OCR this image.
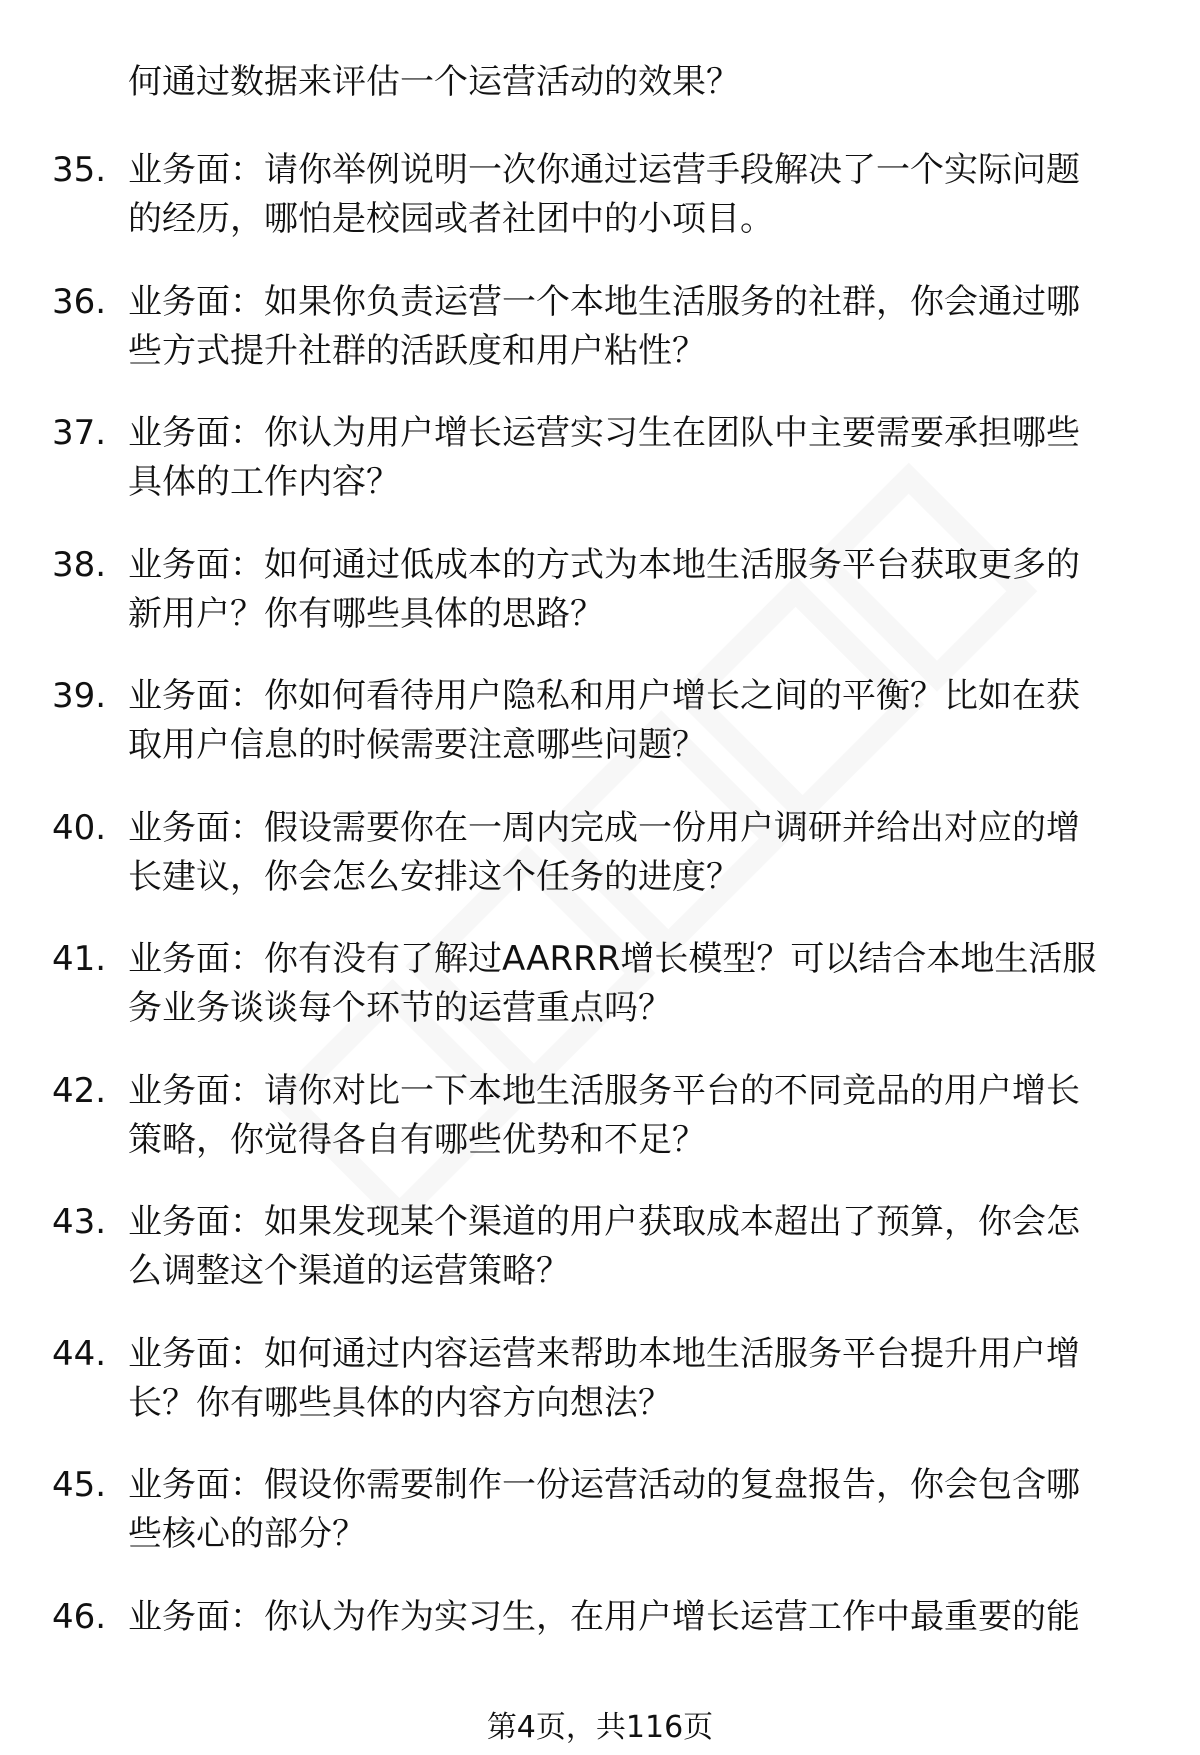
何通过数据来评估一个运营活动的效果？
35. 业务面：请你举例说明一次你通过运营手段解决了一个实际问题
的经历，哪怕是校园或者社团中的小项目。
36. 业务面：如果你负责运营一个本地生活服务的社群，你会通过哪
些方式提升社群的活跃度和用户粘性？
37. 业务面：你认为用户增长运营实习生在团队中主要需要承担哪些
具体的工作内容？
38. 业务面：如何通过低成本的方式为本地生活服务平台获取更多的
新用户？你有哪些具体的思路？
39. 业务面：你如何看待用户隐私和用户增长之间的平衡？比如在获
取用户信息的时候需要注意哪些问题？
40. 业务面：假设需要你在一周内完成一份用户调研并给出对应的增
长建议，你会怎么安排这个任务的进度？
41. 业务面：你有没有了解过AARRR增长模型？可以结合本地生活服
务业务谈谈每个环节的运营重点吗？
42. 业务面：请你对比一下本地生活服务平台的不同竞品的用户增长
策略，你觉得各自有哪些优势和不足？
43. 业务面：如果发现某个渠道的用户获取成本超出了预算，你会怎
么调整这个渠道的运营策略？
44. 业务面：如何通过内容运营来帮助本地生活服务平台提升用户增
长？你有哪些具体的内容方向想法？
45. 业务面：假设你需要制作一份运营活动的复盘报告，你会包含哪
些核心的部分？
46. 业务面：你认为作为实习生，在用户增长运营工作中最重要的能
第4页，共116页
